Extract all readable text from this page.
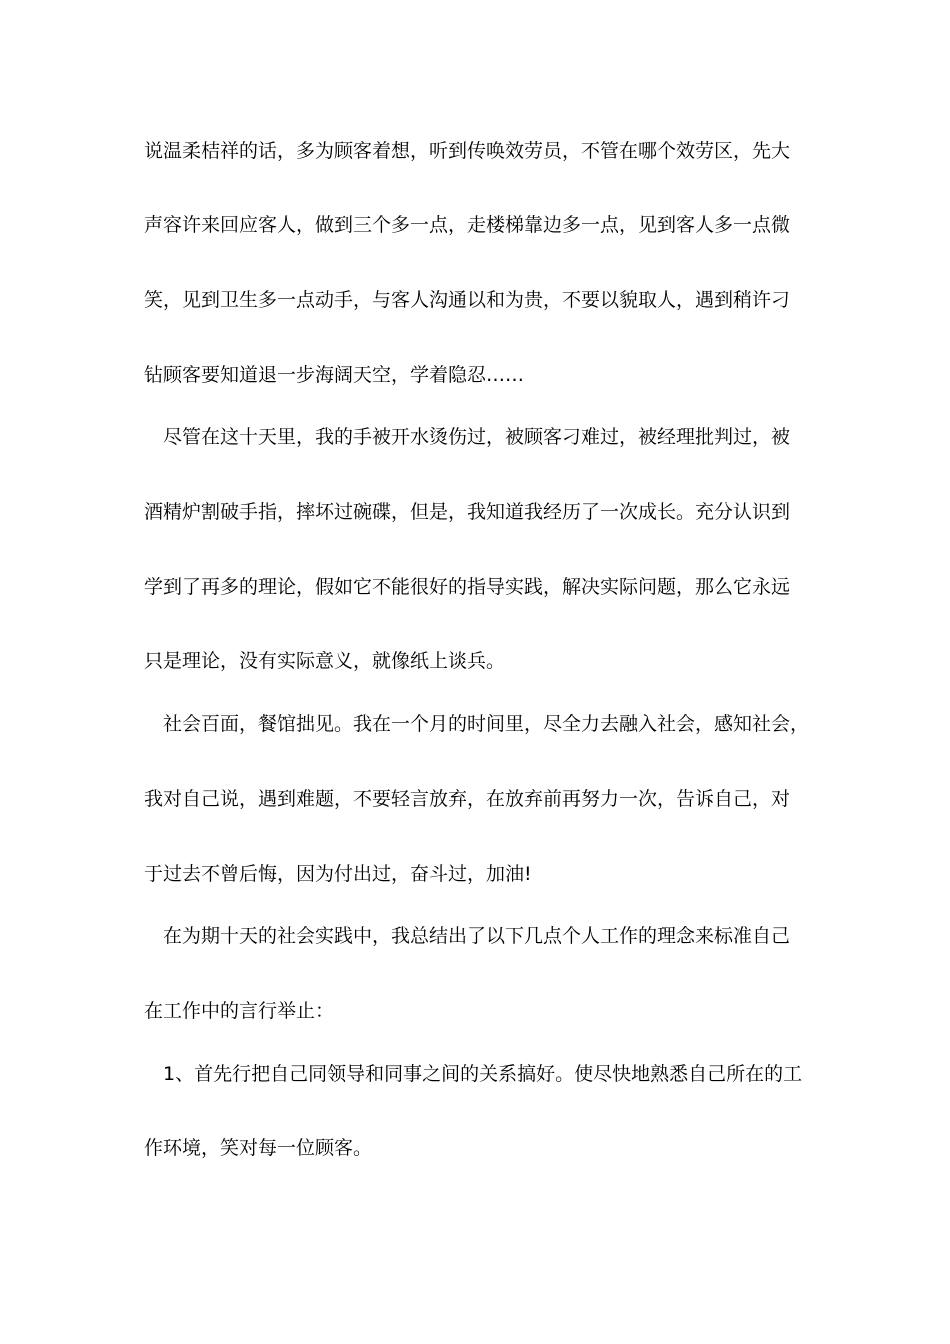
说温柔桔祥的话，多为顾客着想，听到传唤效劳员，不管在哪个效劳区，先大
声容许来回应客人，做到三个多一点，走楼梯靠边多一点，见到客人多一点微
笑，见到卫生多一点动手，与客人沟通以和为贵，不要以貌取人，遇到稍许刁
钻顾客要知道退一步海阔天空，学着隐忍……
尽管在这十天里，我的手被开水烫伤过，被顾客刁难过，被经理批判过，被
酒精炉割破手指，摔坏过碗碟，但是，我知道我经历了一次成长。充分认识到
学到了再多的理论，假如它不能很好的指导实践，解决实际问题，那么它永远
只是理论，没有实际意义，就像纸上谈兵。
社会百面，餐馆拙见。我在一个月的时间里，尽全力去融入社会，感知社会，
我对自己说，遇到难题，不要轻言放弃，在放弃前再努力一次，告诉自己，对
于过去不曾后悔，因为付出过，奋斗过，加油!
在为期十天的社会实践中，我总结出了以下几点个人工作的理念来标准自己
在工作中的言行举止：
1、首先行把自己同领导和同事之间的关系搞好。使尽快地熟悉自己所在的工
作环境，笑对每一位顾客。
